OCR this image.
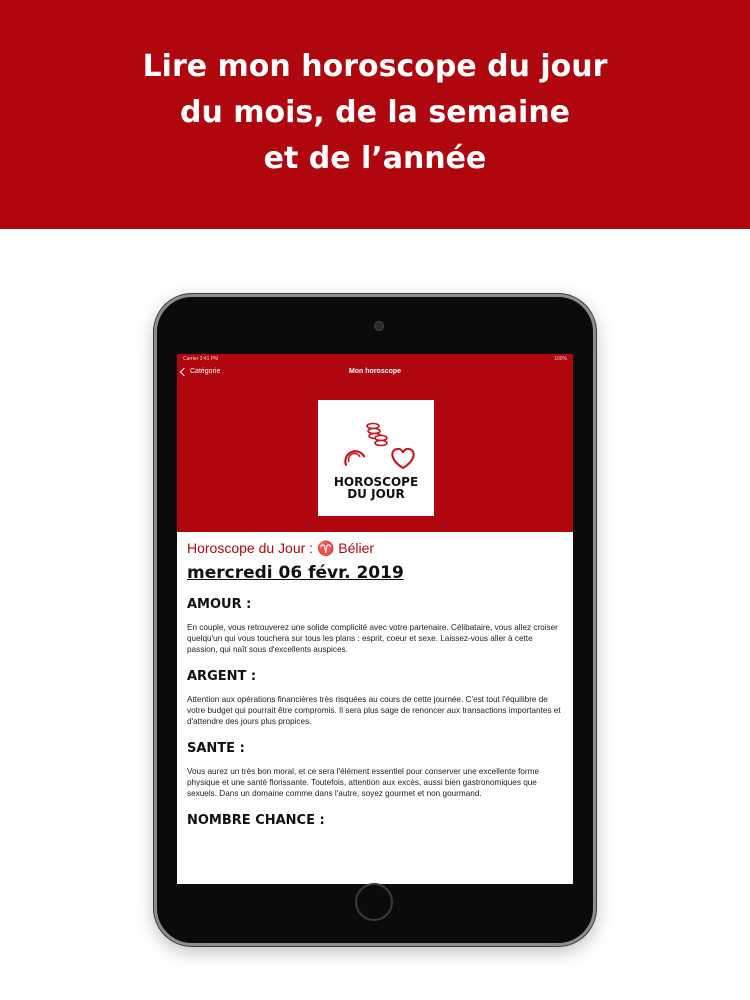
Lire mon horoscope du jour
du mois, de la semaine
et de l’année
Carrier 3:41 PM	100%
Catégorie	Mon horoscope
HOROSCOPE
DU JOUR
Horoscope du Jour : ♈ Bélier
mercredi 06 févr. 2019
AMOUR :
En couple, vous retrouverez une solide complicité avec votre partenaire. Célibataire, vous allez croiser quelqu'un qui vous touchera sur tous les plans : esprit, coeur et sexe. Laissez-vous aller à cette passion, qui naît sous d'excellents auspices.
ARGENT :
Attention aux opérations financières très risquées au cours de cette journée. C'est tout l'équilibre de votre budget qui pourrait être compromis. Il sera plus sage de renoncer aux transactions importantes et d'attendre des jours plus propices.
SANTE :
Vous aurez un très bon moral, et ce sera l'élément essentiel pour conserver une excellente forme physique et une santé florissante. Toutefois, attention aux excès, aussi bien gastronomiques que sexuels. Dans un domaine comme dans l'autre, soyez gourmet et non gourmand.
NOMBRE CHANCE :
